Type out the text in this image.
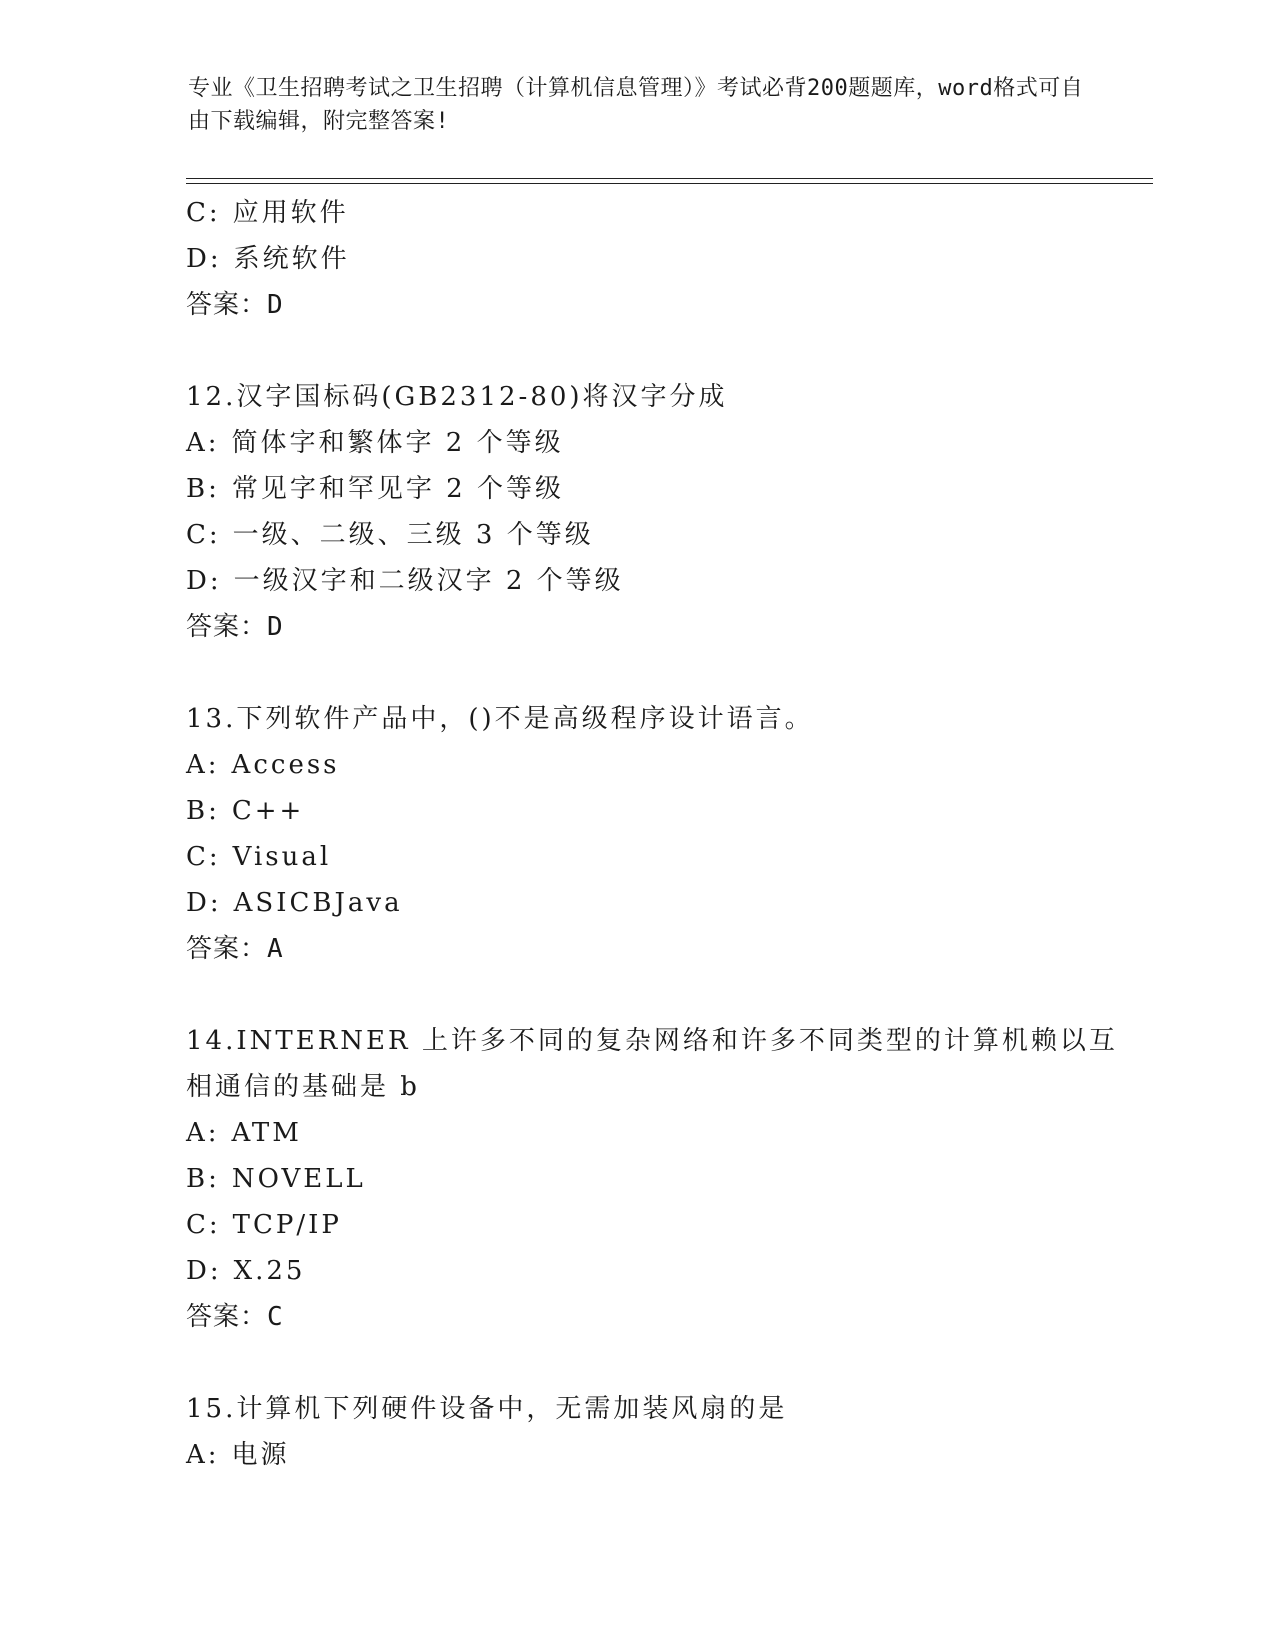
专业《卫生招聘考试之卫生招聘（计算机信息管理）》考试必背200题题库，word格式可自由下载编辑，附完整答案!
C: 应用软件
D: 系统软件
答案：D
12.汉字国标码(GB2312-80)将汉字分成
A: 简体字和繁体字 2 个等级
B: 常见字和罕见字 2 个等级
C: 一级、二级、三级 3 个等级
D: 一级汉字和二级汉字 2 个等级
答案：D
13.下列软件产品中，()不是高级程序设计语言。
A: Access
B: C++
C: Visual
D: ASICBJava
答案：A
14.INTERNER 上许多不同的复杂网络和许多不同类型的计算机赖以互相通信的基础是 b
A: ATM
B: NOVELL
C: TCP/IP
D: X.25
答案：C
15.计算机下列硬件设备中，无需加装风扇的是
A: 电源
